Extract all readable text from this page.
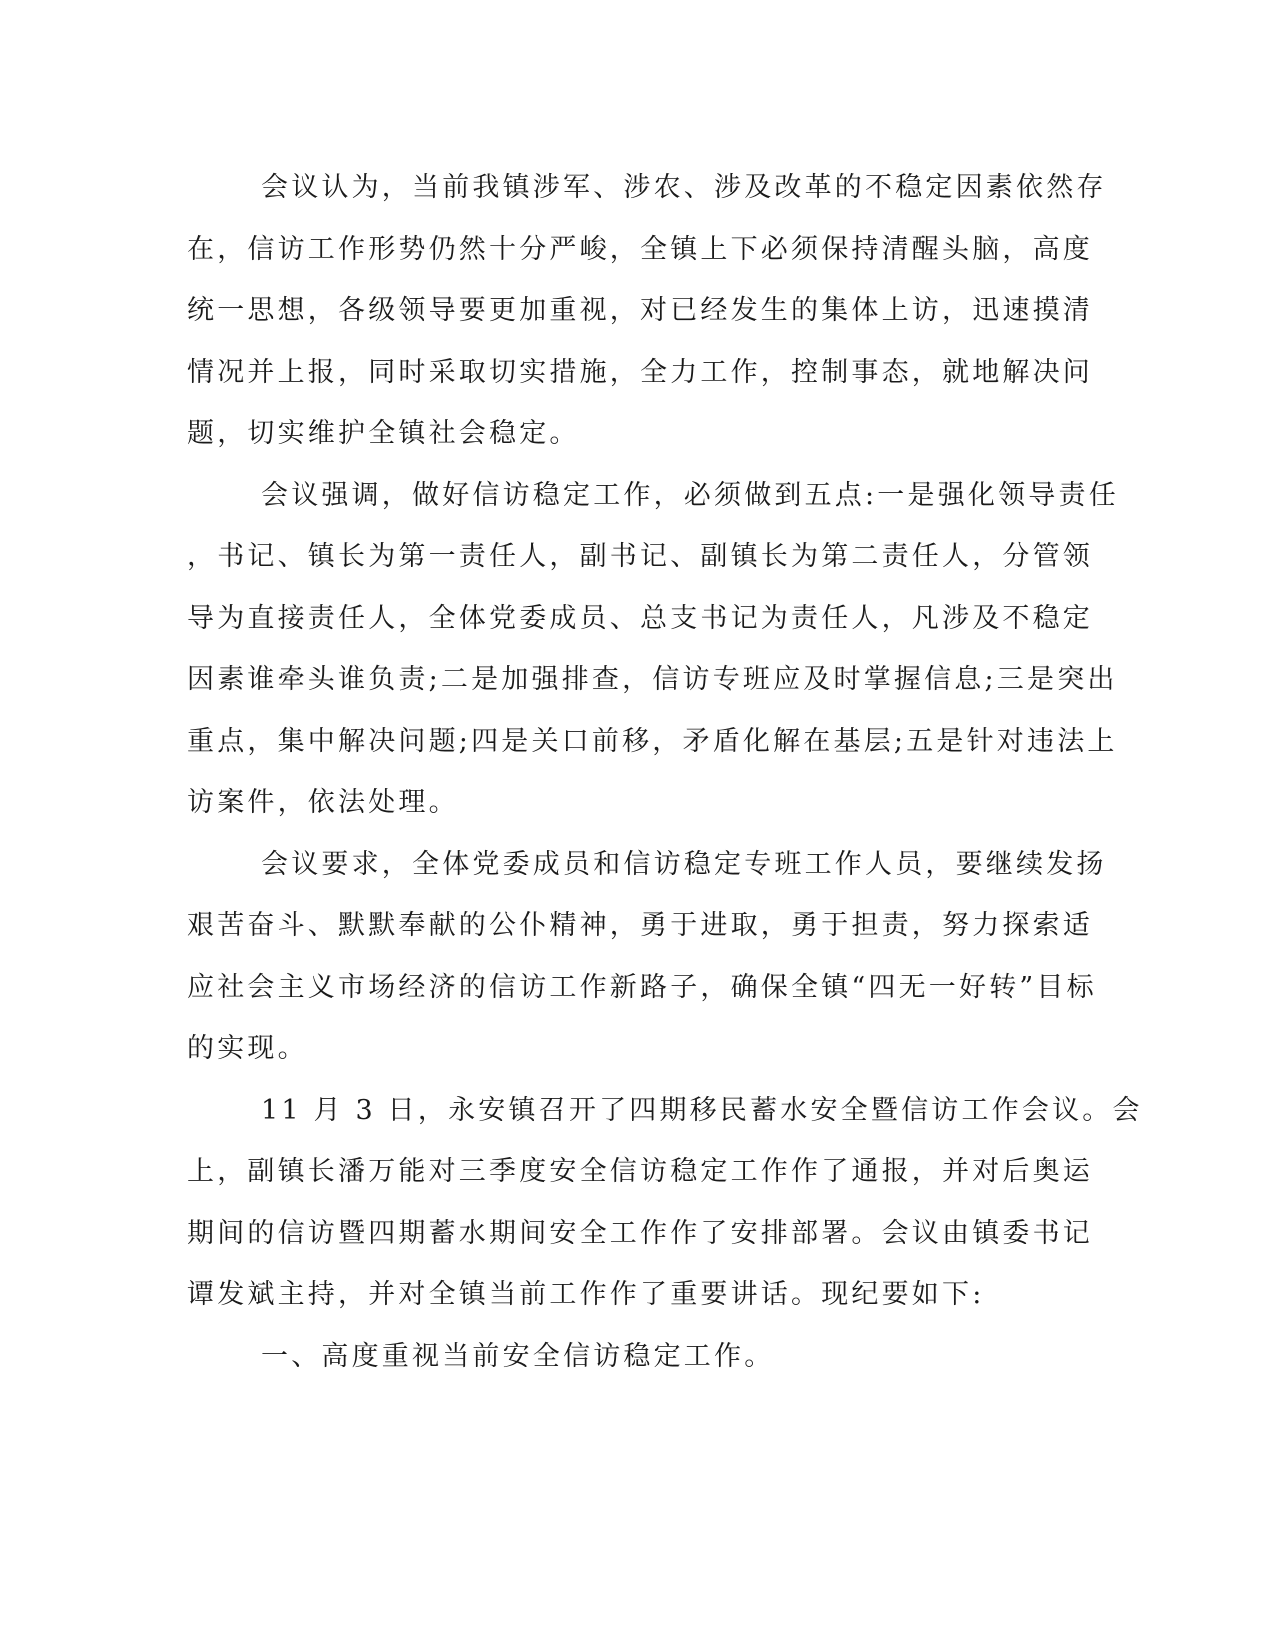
会议认为，当前我镇涉军、涉农、涉及改革的不稳定因素依然存
在，信访工作形势仍然十分严峻，全镇上下必须保持清醒头脑，高度
统一思想，各级领导要更加重视，对已经发生的集体上访，迅速摸清
情况并上报，同时采取切实措施，全力工作，控制事态，就地解决问
题，切实维护全镇社会稳定。

会议强调，做好信访稳定工作，必须做到五点:一是强化领导责任
，书记、镇长为第一责任人，副书记、副镇长为第二责任人，分管领
导为直接责任人，全体党委成员、总支书记为责任人，凡涉及不稳定
因素谁牵头谁负责;二是加强排查，信访专班应及时掌握信息;三是突出
重点，集中解决问题;四是关口前移，矛盾化解在基层;五是针对违法上
访案件，依法处理。

会议要求，全体党委成员和信访稳定专班工作人员，要继续发扬
艰苦奋斗、默默奉献的公仆精神，勇于进取，勇于担责，努力探索适
应社会主义市场经济的信访工作新路子，确保全镇“四无一好转”目标
的实现。

11 月 3 日，永安镇召开了四期移民蓄水安全暨信访工作会议。会
上，副镇长潘万能对三季度安全信访稳定工作作了通报，并对后奥运
期间的信访暨四期蓄水期间安全工作作了安排部署。会议由镇委书记
谭发斌主持，并对全镇当前工作作了重要讲话。现纪要如下:

一、高度重视当前安全信访稳定工作。
